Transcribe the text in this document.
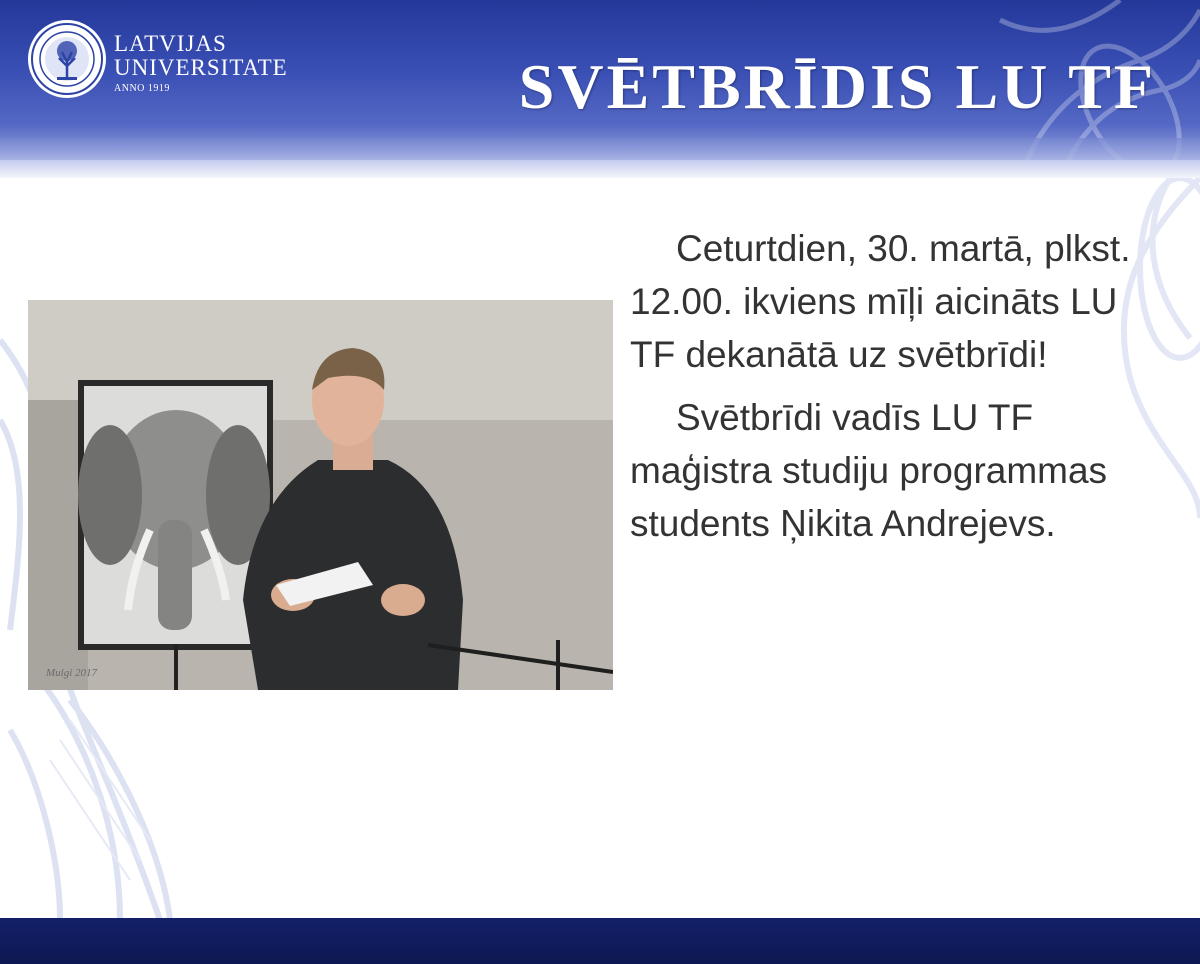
LATVIJAS
UNIVERSITATE
ANNO 1919	SVĒTBRĪDIS LU TF
Mulgi 2017

Ceturtdien, 30. martā, plkst. 12.00. ikviens mīļi aicināts LU TF dekanātā uz svētbrīdi!

Svētbrīdi vadīs LU TF maģistra studiju programmas students Ņikita Andrejevs.
